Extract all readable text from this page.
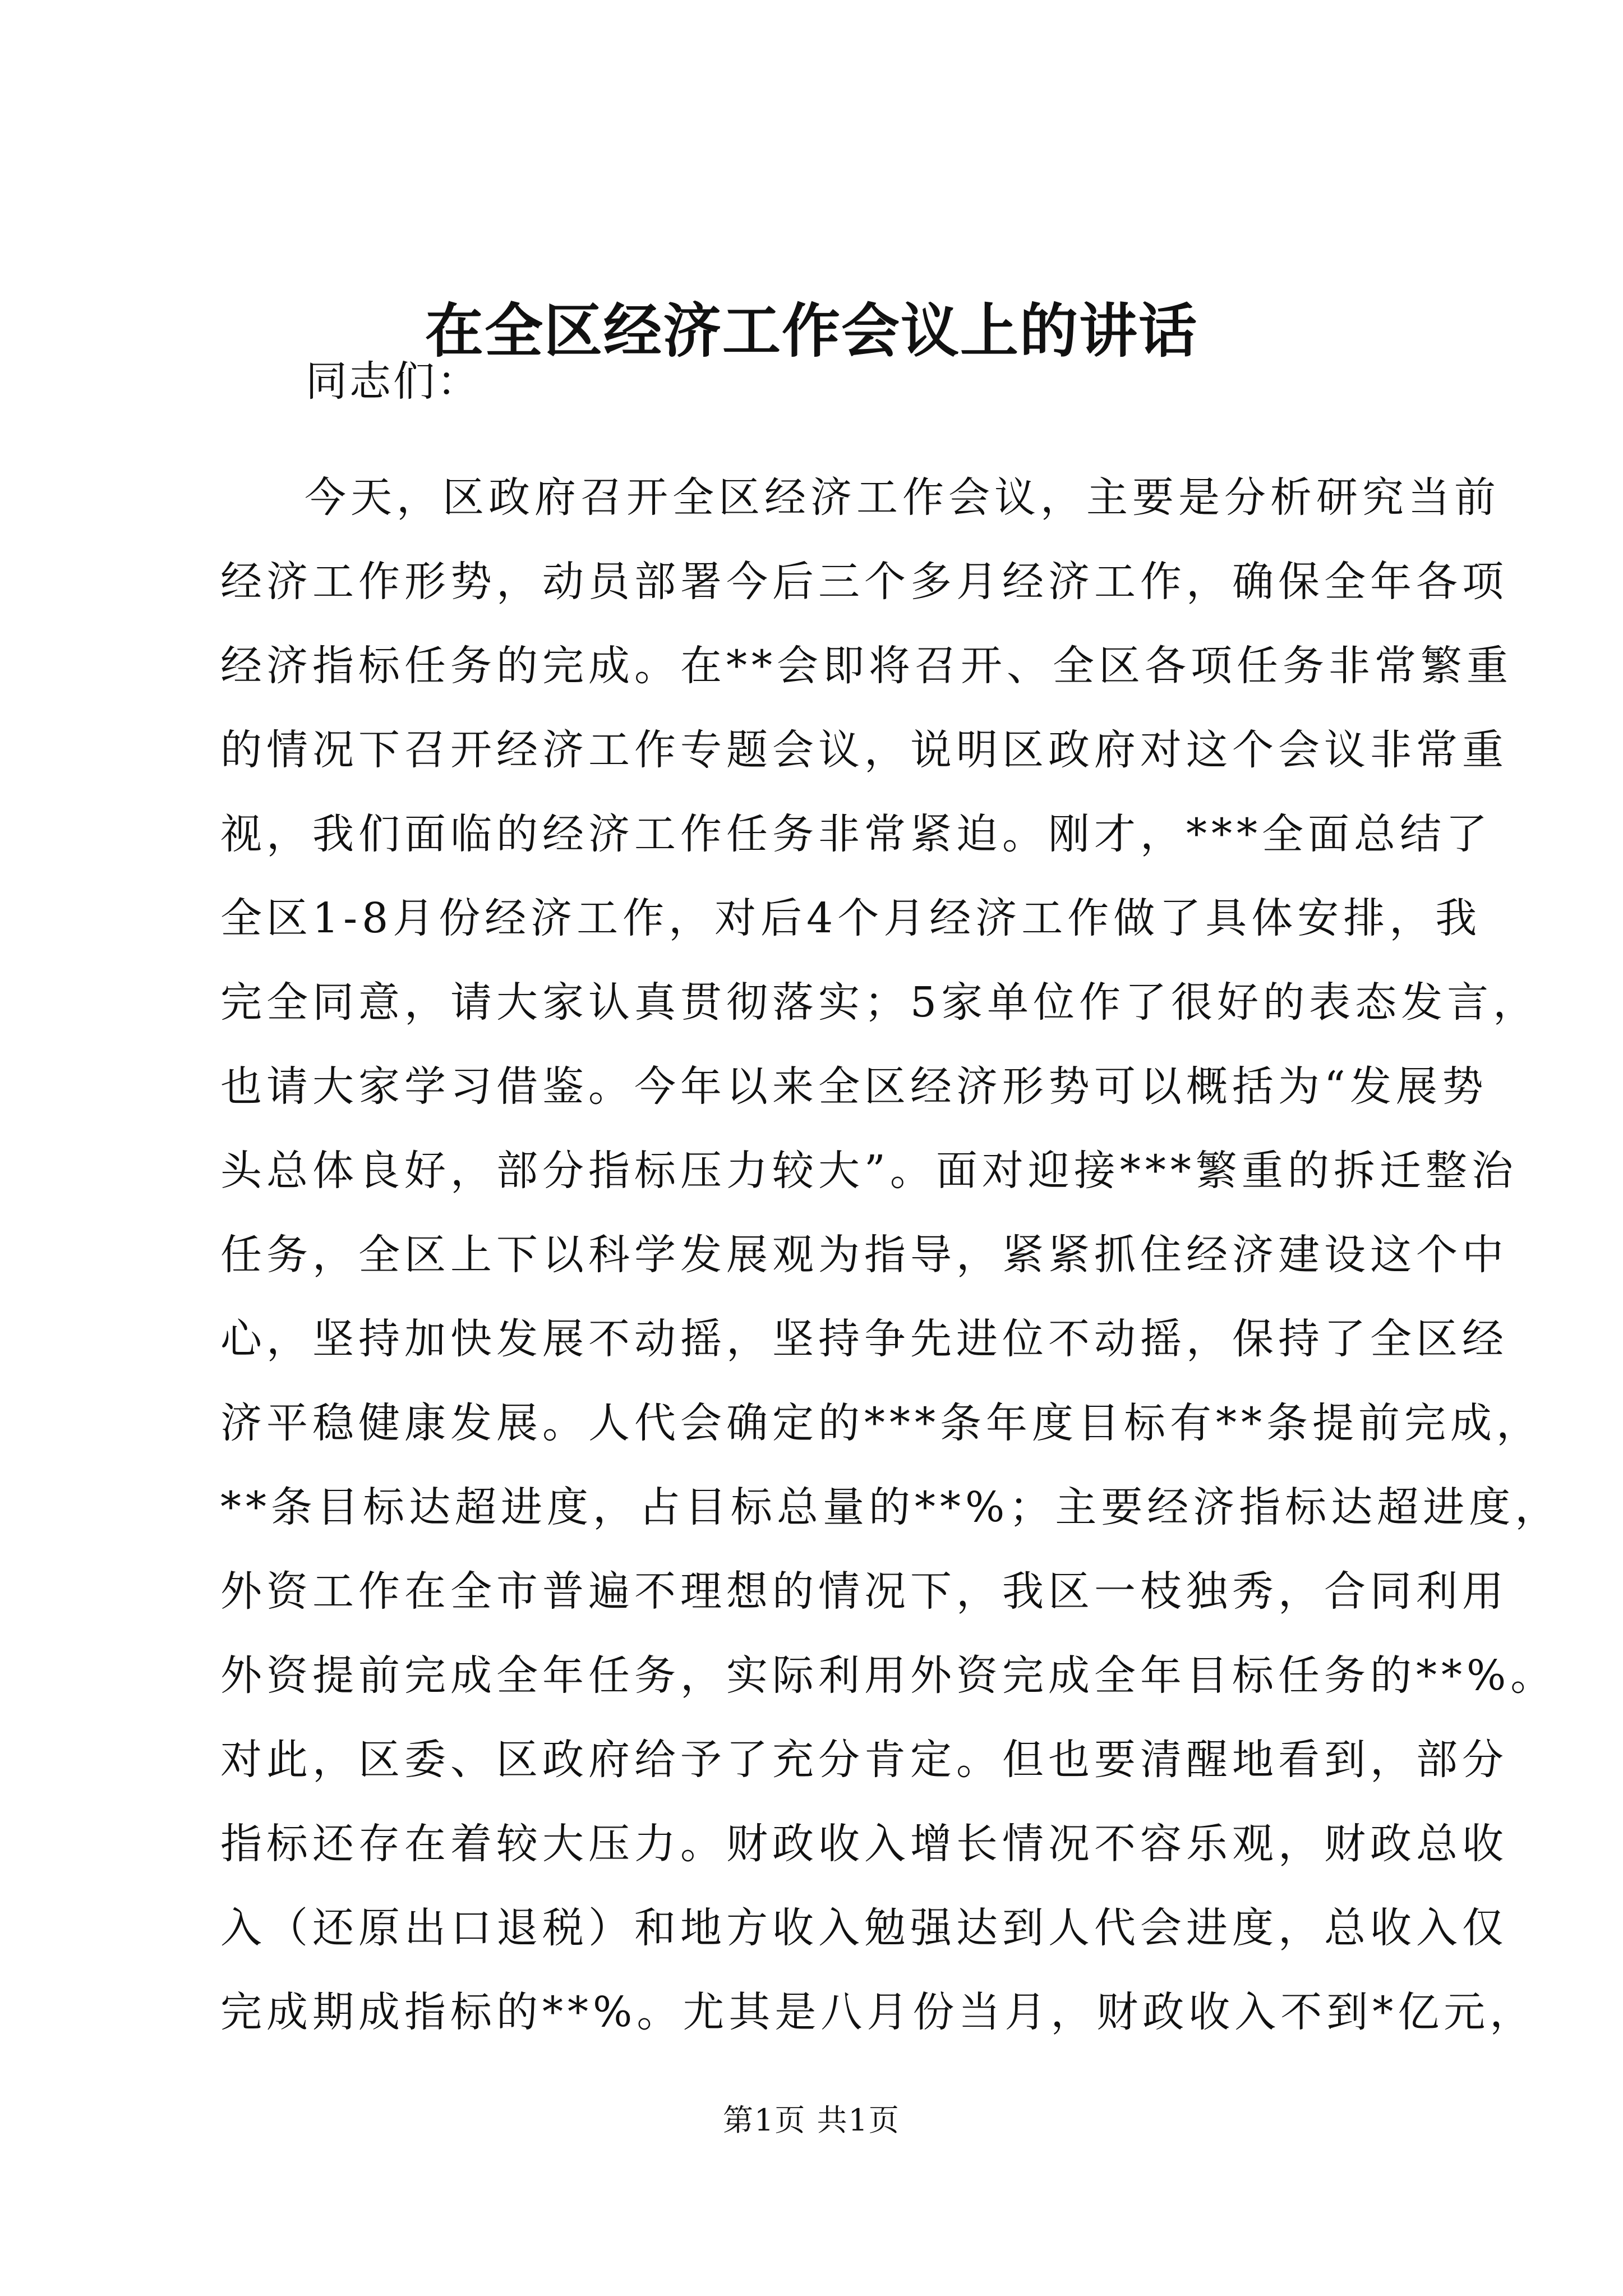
在全区经济工作会议上的讲话
同志们：
今天，区政府召开全区经济工作会议，主要是分析研究当前
经济工作形势，动员部署今后三个多月经济工作，确保全年各项
经济指标任务的完成。在**会即将召开、全区各项任务非常繁重
的情况下召开经济工作专题会议，说明区政府对这个会议非常重
视，我们面临的经济工作任务非常紧迫。刚才，***全面总结了
全区1-8月份经济工作，对后4个月经济工作做了具体安排，我
完全同意，请大家认真贯彻落实；5家单位作了很好的表态发言，
也请大家学习借鉴。今年以来全区经济形势可以概括为“发展势
头总体良好，部分指标压力较大”。面对迎接***繁重的拆迁整治
任务，全区上下以科学发展观为指导，紧紧抓住经济建设这个中
心，坚持加快发展不动摇，坚持争先进位不动摇，保持了全区经
济平稳健康发展。人代会确定的***条年度目标有**条提前完成，
**条目标达超进度，占目标总量的**%；主要经济指标达超进度，
外资工作在全市普遍不理想的情况下，我区一枝独秀，合同利用
外资提前完成全年任务，实际利用外资完成全年目标任务的**%。
对此，区委、区政府给予了充分肯定。但也要清醒地看到，部分
指标还存在着较大压力。财政收入增长情况不容乐观，财政总收
入（还原出口退税）和地方收入勉强达到人代会进度，总收入仅
完成期成指标的**%。尤其是八月份当月，财政收入不到*亿元，
第1页 共1页
